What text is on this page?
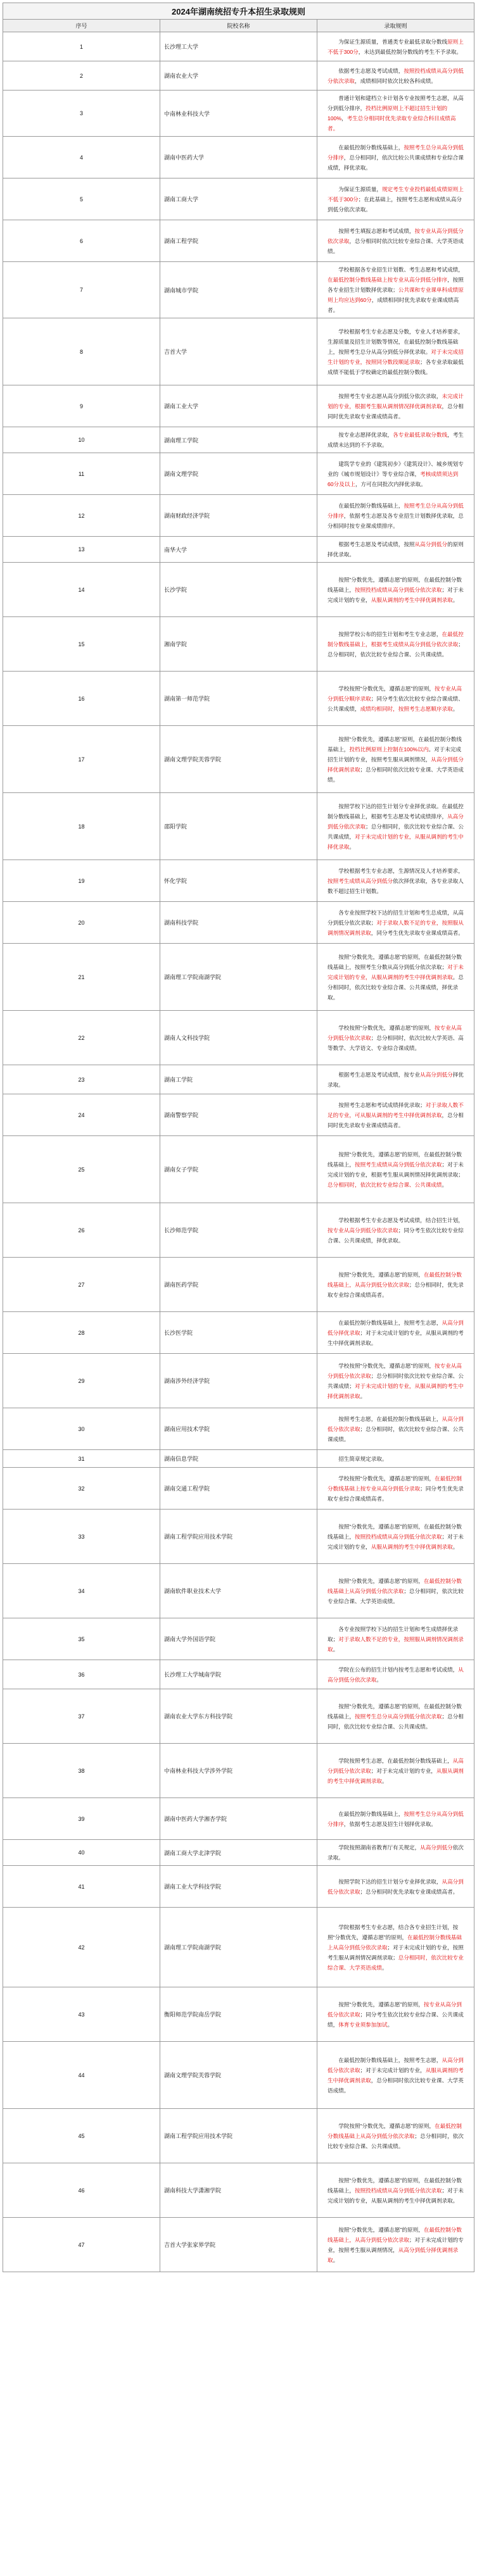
2024年湖南统招专升本招生录取规则		
序号	院校名称	录取规则
1	长沙理工大学	为保证生源质量，普通类专业最低录取分数线原则上不低于300分，未达到最低控制分数线的考生不予录取。
2	湖南农业大学	依据考生志愿及考试成绩，按照投档成绩从高分到低分依次录取，成绩相同时依次比较各科成绩。
3	中南林业科技大学	普通计划和建档立卡计划各专业按照考生志愿，从高分到低分排序，投档比例原则上不超过招生计划的100%，考生总分相同时优先录取专业综合科目成绩高者。
4	湖南中医药大学	在最低控制分数线基础上，按照考生总分从高分到低分排序，总分相同时，依次比较公共课成绩和专业综合课成绩，择优录取。
5	湖南工商大学	为保证生源质量，规定考生专业投档最低成绩原则上不低于300分；在此基础上，按照考生志愿和成绩从高分到低分依次录取。
6	湖南工程学院	按照考生填报志愿和考试成绩，按专业从高分到低分依次录取，总分相同时依次比较专业综合课、大学英语成绩。
7	湖南城市学院	学校根据各专业招生计划数、考生志愿和考试成绩，在最低控制分数线基础上按专业从高分到低分排序，按照各专业招生计划数择优录取；公共课和专业课单科成绩原则上均应达到60分，成绩相同时优先录取专业课成绩高者。
8	吉首大学	学校根据考生专业志愿及分数，专业人才培养要求，生源质量及招生计划数等情况，在最低控制分数线基础上，按照考生总分从高分到低分择优录取。对于未完成招生计划的专业，按照同分数段顺延录取；各专业录取最低成绩不能低于学校确定的最低控制分数线。
9	湖南工业大学	按照考生专业志愿从高分到低分依次录取，未完成计划的专业，根据考生服从调剂情况择优调剂录取，总分相同时优先录取专业课成绩高者。
10	湖南理工学院	按专业志愿择优录取，各专业最低录取分数线，考生成绩未达到的不予录取。
11	湖南文理学院	建筑学专业的《建筑初步》《建筑设计》、城乡规划专业的《城市规划设计》等专业综合课，考核成绩须达到60分及以上，方可在同批次内择优录取。
12	湖南财政经济学院	在最低控制分数线基础上，按照考生总分从高分到低分排序，依据考生志愿及各专业招生计划数择优录取，总分相同时按专业课成绩排序。
13	南华大学	根据考生志愿及考试成绩，按照从高分到低分的原则择优录取。
14	长沙学院	按照“分数优先，遵循志愿”的原则，在最低控制分数线基础上，按照投档成绩从高分到低分依次录取；对于未完成计划的专业，从服从调剂的考生中择优调剂录取。
15	湘南学院	按照学校公布的招生计划和考生专业志愿，在最低控制分数线基础上，根据考生成绩从高分到低分依次录取；总分相同时，依次比较专业综合课、公共课成绩。
16	湖南第一师范学院	学校按照“分数优先，遵循志愿”的原则，按专业从高分到低分顺序录取；同分考生依次比较专业综合课成绩、公共课成绩，成绩均相同时，按照考生志愿顺序录取。
17	湖南文理学院芙蓉学院	按照“分数优先，遵循志愿”原则，在最低控制分数线基础上，投档比例原则上控制在100%以内。对于未完成招生计划的专业，按照考生服从调剂情况，从高分到低分择优调剂录取；总分相同时依次比较专业课、大学英语成绩。
18	邵阳学院	按照学校下达的招生计划分专业择优录取。在最低控制分数线基础上，根据考生志愿及考试成绩排序，从高分到低分依次录取；总分相同时，依次比较专业综合课、公共课成绩，对于未完成计划的专业，从服从调剂的考生中择优录取。
19	怀化学院	学校根据考生专业志愿，生源情况及人才培养要求，按照考生成绩从高分到低分依次择优录取，各专业录取人数不超过招生计划数。
20	湖南科技学院	各专业按照学校下达的招生计划和考生总成绩，从高分到低分依次录取；对于录取人数不足的专业，按照服从调剂情况调剂录取，同分考生优先录取专业课成绩高者。
21	湖南理工学院南湖学院	按照“分数优先，遵循志愿”的原则，在最低控制分数线基础上，按照考生分数从高分到低分依次录取；对于未完成计划的专业，从服从调剂的考生中择优调剂录取。总分相同时，依次比较专业综合课、公共课成绩，择优录取。
22	湖南人文科技学院	学校按照“分数优先，遵循志愿”的原则，按专业从高分到低分依次录取；总分相同时，依次比较大学英语、高等数学、大学语文、专业综合课成绩。
23	湖南工学院	根据考生志愿及考试成绩，按专业从高分到低分择优录取。
24	湖南警察学院	按照考生志愿和考试成绩择优录取；对于录取人数不足的专业，可从服从调剂的考生中择优调剂录取，总分相同时优先录取专业课成绩高者。
25	湖南女子学院	按照“分数优先，遵循志愿”的原则，在最低控制分数线基础上，按照考生成绩从高分到低分依次录取；对于未完成计划的专业，根据考生服从调剂情况择优调剂录取；总分相同时，依次比较专业综合课、公共课成绩。
26	长沙师范学院	学校根据考生专业志愿及考试成绩，结合招生计划，按专业从高分到低分依次录取；同分考生依次比较专业综合课、公共课成绩，择优录取。
27	湖南医药学院	按照“分数优先，遵循志愿”的原则，在最低控制分数线基础上，从高分到低分依次录取；总分相同时，优先录取专业综合课成绩高者。
28	长沙医学院	在最低控制分数线基础上，按照考生志愿，从高分到低分择优录取；对于未完成计划的专业，从服从调剂的考生中择优调剂录取。
29	湖南涉外经济学院	学校按照“分数优先，遵循志愿”的原则，按专业从高分到低分依次录取；总分相同时依次比较专业综合课、公共课成绩；对于未完成计划的专业，从服从调剂的考生中择优调剂录取。
30	湖南应用技术学院	按照考生志愿，在最低控制分数线基础上，从高分到低分依次录取；总分相同时，依次比较专业综合课、公共课成绩。
31	湖南信息学院	招生简章规定录取。
32	湖南交通工程学院	学校按照“分数优先，遵循志愿”的原则，在最低控制分数线基础上按专业从高分到低分录取；同分考生优先录取专业综合课成绩高者。
33	湖南工程学院应用技术学院	按照“分数优先，遵循志愿”的原则，在最低控制分数线基础上，按照投档成绩从高分到低分依次录取；对于未完成计划的专业，从服从调剂的考生中择优调剂录取。
34	湖南软件职业技术大学	按照“分数优先，遵循志愿”的原则，在最低控制分数线基础上从高分到低分依次录取；总分相同时，依次比较专业综合课、大学英语成绩。
35	湖南大学外国语学院	各专业按照学校下达的招生计划和考生成绩择优录取；对于录取人数不足的专业，按照服从调剂情况调剂录取。
36	长沙理工大学城南学院	学院在公布的招生计划内按考生志愿和考试成绩，从高分到低分依次录取。
37	湖南农业大学东方科技学院	按照“分数优先，遵循志愿”的原则，在最低控制分数线基础上，按照考生总分从高分到低分依次录取；总分相同时，依次比较专业综合课、公共课成绩。
38	中南林业科技大学涉外学院	学院按照考生志愿，在最低控制分数线基础上，从高分到低分依次录取；对于未完成计划的专业，从服从调剂的考生中择优调剂录取。
39	湖南中医药大学湘杏学院	在最低控制分数线基础上，按照考生总分从高分到低分排序，依据考生志愿及招生计划择优录取。
40	湖南工商大学北津学院	学院按照湖南省教育厅有关规定，从高分到低分依次录取。
41	湖南工业大学科技学院	按照学院下达的招生计划分专业择优录取，从高分到低分依次录取；总分相同时优先录取专业课成绩高者。
42	湖南理工学院南湖学院	学院根据考生专业志愿，结合各专业招生计划，按照“分数优先，遵循志愿”的原则，在最低控制分数线基础上从高分到低分依次录取；对于未完成计划的专业，按照考生服从调剂情况调剂录取；总分相同时，依次比较专业综合课、大学英语成绩。
43	衡阳师范学院南岳学院	按照“分数优先，遵循志愿”的原则，按专业从高分到低分依次录取；同分考生依次比较专业综合课、公共课成绩，体育专业须参加加试。
44	湖南文理学院芙蓉学院	在最低控制分数线基础上，按照考生志愿，从高分到低分依次录取；对于未完成计划的专业，从服从调剂的考生中择优调剂录取，总分相同时依次比较专业课、大学英语成绩。
45	湖南工程学院应用技术学院	学院按照“分数优先，遵循志愿”的原则，在最低控制分数线基础上从高分到低分依次录取；总分相同时，依次比较专业综合课、公共课成绩。
46	湖南科技大学潇湘学院	按照“分数优先，遵循志愿”的原则，在最低控制分数线基础上，按照投档成绩从高分到低分依次录取；对于未完成计划的专业，从服从调剂的考生中择优调剂录取。
47	吉首大学张家界学院	按照“分数优先，遵循志愿”的原则，在最低控制分数线基础上，从高分到低分依次录取；对于未完成计划的专业，按照考生服从调剂情况，从高分到低分择优调剂录取。
